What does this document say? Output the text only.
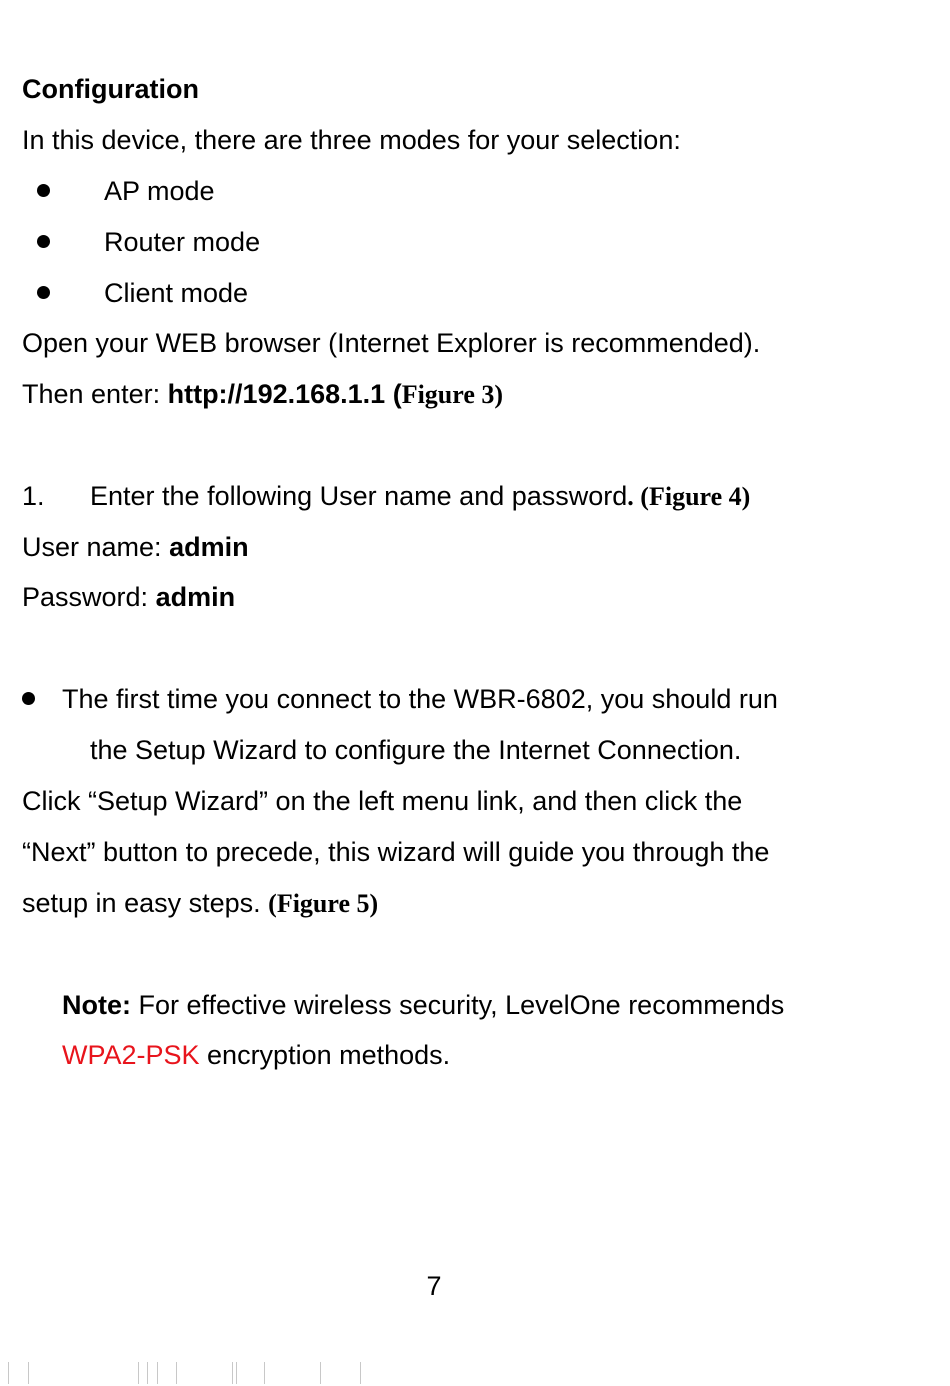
Configuration
In this device, there are three modes for your selection:
AP mode
Router mode
Client mode
Open your WEB browser (Internet Explorer is recommended).
Then enter: http://192.168.1.1 (Figure 3)
1. Enter the following User name and password. (Figure 4)
User name: admin
Password: admin
The first time you connect to the WBR-6802, you should run
the Setup Wizard to configure the Internet Connection.
Click “Setup Wizard” on the left menu link, and then click the
“Next” button to precede, this wizard will guide you through the
setup in easy steps. (Figure 5)
Note: For effective wireless security, LevelOne recommends
WPA2-PSK encryption methods.
7
